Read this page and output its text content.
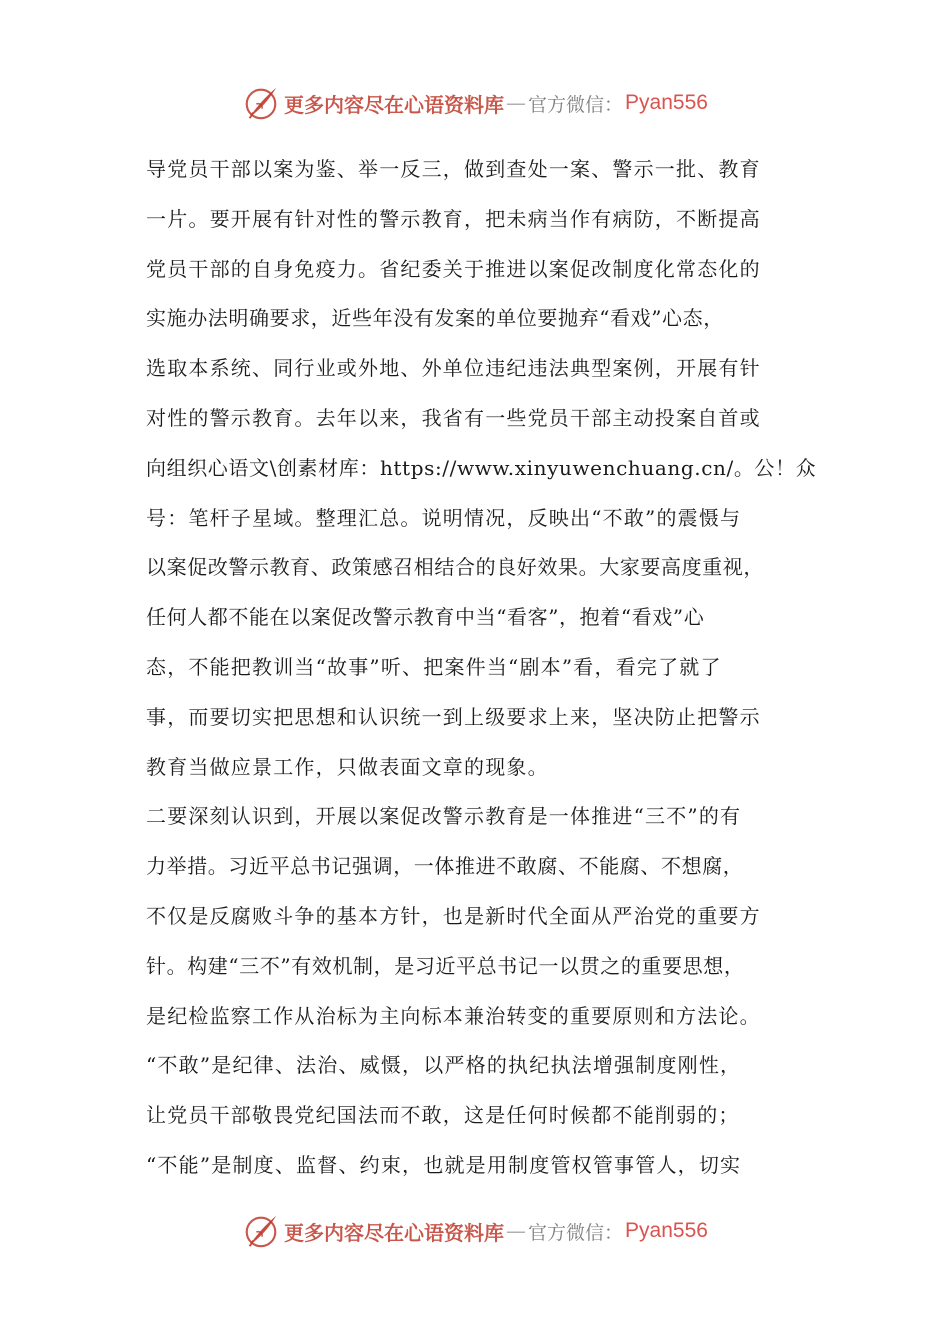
更多内容尽在心语资料库 — 官方微信： Pyan556
导党员干部以案为鉴、举一反三，做到查处一案、警示一批、教育
一片。要开展有针对性的警示教育，把未病当作有病防，不断提高
党员干部的自身免疫力。省纪委关于推进以案促改制度化常态化的
实施办法明确要求，近些年没有发案的单位要抛弃“看戏”心态，
选取本系统、同行业或外地、外单位违纪违法典型案例，开展有针
对性的警示教育。去年以来，我省有一些党员干部主动投案自首或
向组织心语文\创素材库：https://www.xinyuwenchuang.cn/。公！众
号：笔杆子星域。整理汇总。说明情况，反映出“不敢”的震慑与
以案促改警示教育、政策感召相结合的良好效果。大家要高度重视，
任何人都不能在以案促改警示教育中当“看客”，抱着“看戏”心
态，不能把教训当“故事”听、把案件当“剧本”看，看完了就了
事，而要切实把思想和认识统一到上级要求上来，坚决防止把警示
教育当做应景工作，只做表面文章的现象。
二要深刻认识到，开展以案促改警示教育是一体推进“三不”的有
力举措。习近平总书记强调，一体推进不敢腐、不能腐、不想腐，
不仅是反腐败斗争的基本方针，也是新时代全面从严治党的重要方
针。构建“三不”有效机制，是习近平总书记一以贯之的重要思想，
是纪检监察工作从治标为主向标本兼治转变的重要原则和方法论。
“不敢”是纪律、法治、威慑，以严格的执纪执法增强制度刚性，
让党员干部敬畏党纪国法而不敢，这是任何时候都不能削弱的；
“不能”是制度、监督、约束，也就是用制度管权管事管人，切实
更多内容尽在心语资料库 — 官方微信： Pyan556
